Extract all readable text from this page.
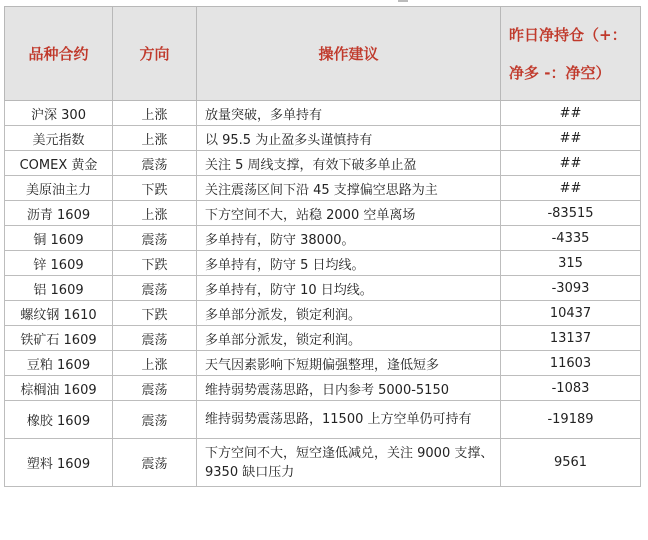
品种合约	方向	操作建议	昨日净持仓（+：净多 -：净空）
沪深 300	上涨	放量突破，多单持有	##
美元指数	上涨	以 95.5 为止盈多头谨慎持有	##
COMEX 黄金	震荡	关注 5 周线支撑，有效下破多单止盈	##
美原油主力	下跌	关注震荡区间下沿 45 支撑偏空思路为主	##
沥青 1609	上涨	下方空间不大，站稳 2000 空单离场	-83515
铜 1609	震荡	多单持有，防守 38000。	-4335
锌 1609	下跌	多单持有，防守 5 日均线。	315
铝 1609	震荡	多单持有，防守 10 日均线。	-3093
螺纹钢 1610	下跌	多单部分派发，锁定利润。	10437
铁矿石 1609	震荡	多单部分派发，锁定利润。	13137
豆粕 1609	上涨	天气因素影响下短期偏强整理，逢低短多	11603
棕榈油 1609	震荡	维持弱势震荡思路，日内参考 5000-5150	-1083
橡胶 1609	震荡	维持弱势震荡思路，11500 上方空单仍可持有	-19189
塑料 1609	震荡	下方空间不大，短空逢低减兑，关注 9000 支撑、9350 缺口压力	9561
